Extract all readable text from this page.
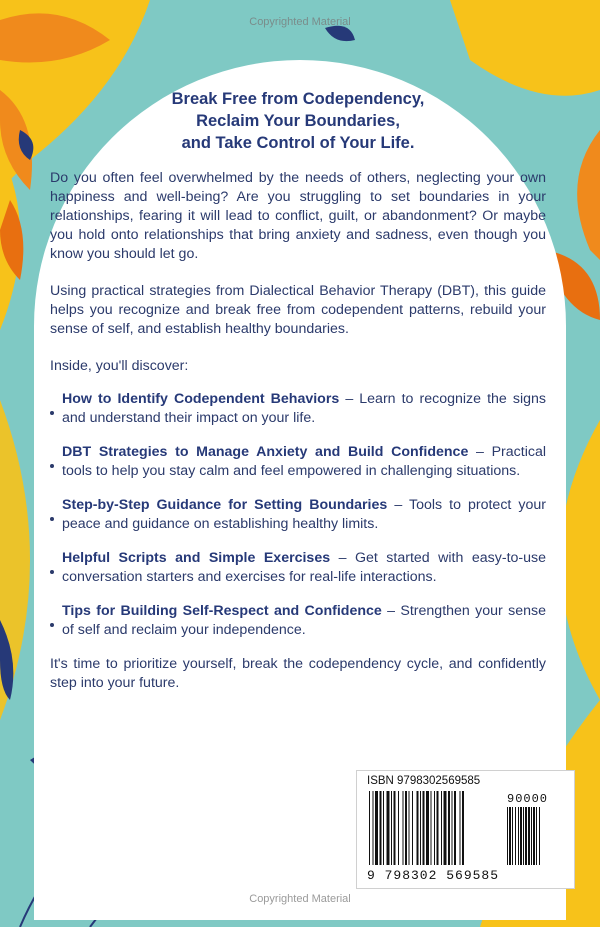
Copyrighted Material
Break Free from Codependency,
Reclaim Your Boundaries,
and Take Control of Your Life.

Do you often feel overwhelmed by the needs of others, neglecting your own happiness and well-being? Are you struggling to set boundaries in your relationships, fearing it will lead to conflict, guilt, or abandonment? Or maybe you hold onto relationships that bring anxiety and sadness, even though you know you should let go.

Using practical strategies from Dialectical Behavior Therapy (DBT), this guide helps you recognize and break free from codependent patterns, rebuild your sense of self, and establish healthy boundaries.

Inside, you'll discover:

How to Identify Codependent Behaviors – Learn to recognize the signs and understand their impact on your life.
DBT Strategies to Manage Anxiety and Build Confidence – Practical tools to help you stay calm and feel empowered in challenging situations.
Step-by-Step Guidance for Setting Boundaries – Tools to protect your peace and guidance on establishing healthy limits.
Helpful Scripts and Simple Exercises – Get started with easy-to-use conversation starters and exercises for real-life interactions.
Tips for Building Self-Respect and Confidence – Strengthen your sense of self and reclaim your independence.

It's time to prioritize yourself, break the codependency cycle, and confidently step into your future.

ISBN 9798302569585
90000
9 798302 569585
Copyrighted Material
